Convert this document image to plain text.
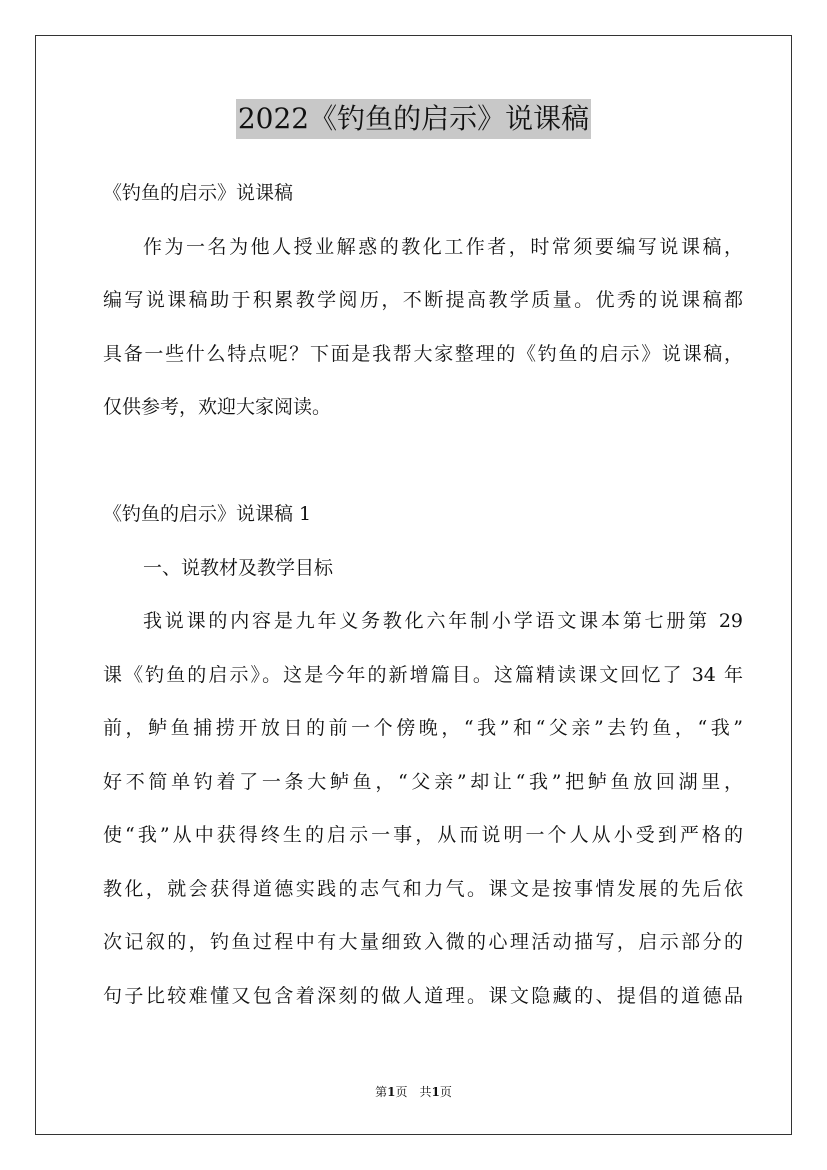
2022《钓鱼的启示》说课稿
《钓鱼的启示》说课稿
作为一名为他人授业解惑的教化工作者，时常须要编写说课稿，
编写说课稿助于积累教学阅历，不断提高教学质量。优秀的说课稿都
具备一些什么特点呢？下面是我帮大家整理的《钓鱼的启示》说课稿，
仅供参考，欢迎大家阅读。
《钓鱼的启示》说课稿 1
一、说教材及教学目标
我说课的内容是九年义务教化六年制小学语文课本第七册第 29
课《钓鱼的启示》。这是今年的新增篇目。这篇精读课文回忆了 34 年
前，鲈鱼捕捞开放日的前一个傍晚，“我”和“父亲”去钓鱼，“我”
好不简单钓着了一条大鲈鱼，“父亲”却让“我”把鲈鱼放回湖里，
使“我”从中获得终生的启示一事，从而说明一个人从小受到严格的
教化，就会获得道德实践的志气和力气。课文是按事情发展的先后依
次记叙的，钓鱼过程中有大量细致入微的心理活动描写，启示部分的
句子比较难懂又包含着深刻的做人道理。课文隐藏的、提倡的道德品
第1页　共1页
